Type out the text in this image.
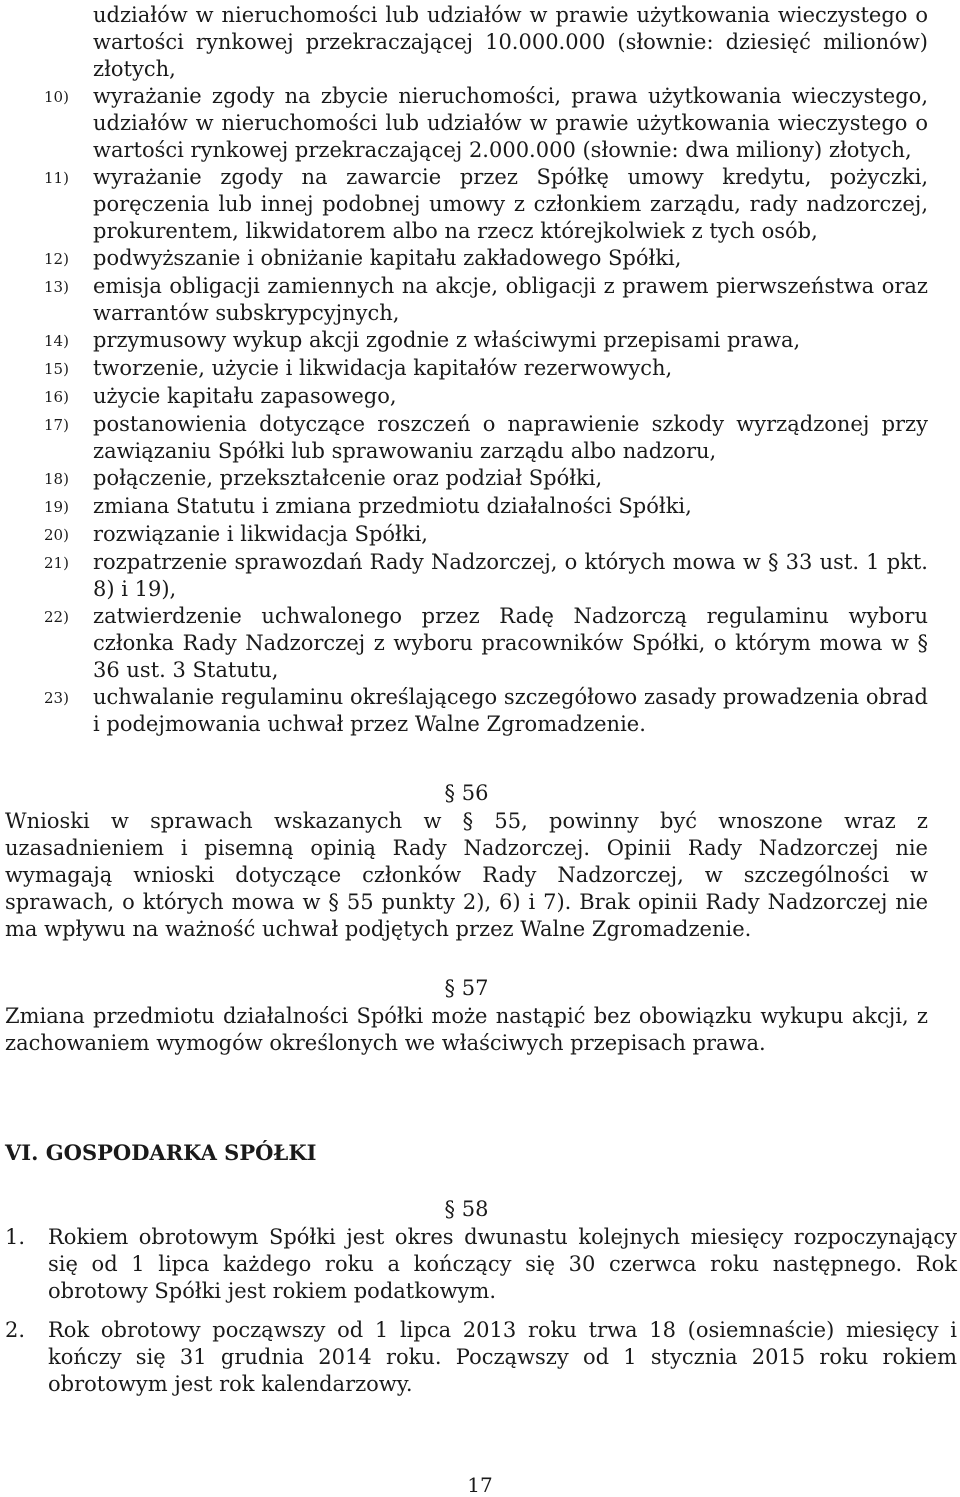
udziałów w nieruchomości lub udziałów w prawie użytkowania wieczystego o wartości rynkowej przekraczającej 10.000.000 (słownie: dziesięć milionów) złotych,
10)	wyrażanie zgody na zbycie nieruchomości, prawa użytkowania wieczystego, udziałów w nieruchomości lub udziałów w prawie użytkowania wieczystego o wartości rynkowej przekraczającej 2.000.000 (słownie: dwa miliony) złotych,
11)	wyrażanie zgody na zawarcie przez Spółkę umowy kredytu, pożyczki, poręczenia lub innej podobnej umowy z członkiem zarządu, rady nadzorczej, prokurentem, likwidatorem albo na rzecz którejkolwiek z tych osób,
12)	podwyższanie i obniżanie kapitału zakładowego Spółki,
13)	emisja obligacji zamiennych na akcje, obligacji z prawem pierwszeństwa oraz warrantów subskrypcyjnych,
14)	przymusowy wykup akcji zgodnie z właściwymi przepisami prawa,
15)	tworzenie, użycie i likwidacja kapitałów rezerwowych,
16)	użycie kapitału zapasowego,
17)	postanowienia dotyczące roszczeń o naprawienie szkody wyrządzonej przy zawiązaniu Spółki lub sprawowaniu zarządu albo nadzoru,
18)	połączenie, przekształcenie oraz podział Spółki,
19)	zmiana Statutu i zmiana przedmiotu działalności Spółki,
20)	rozwiązanie i likwidacja Spółki,
21)	rozpatrzenie sprawozdań Rady Nadzorczej, o których mowa w § 33 ust. 1 pkt. 8) i 19),
22)	zatwierdzenie uchwalonego przez Radę Nadzorczą regulaminu wyboru członka Rady Nadzorczej z wyboru pracowników Spółki, o którym mowa w § 36 ust. 3 Statutu,
23)	uchwalanie regulaminu określającego szczegółowo zasady prowadzenia obrad i podejmowania uchwał przez Walne Zgromadzenie.
§ 56
Wnioski w sprawach wskazanych w § 55, powinny być wnoszone wraz z uzasadnieniem i pisemną opinią Rady Nadzorczej. Opinii Rady Nadzorczej nie wymagają wnioski dotyczące członków Rady Nadzorczej, w szczególności w sprawach, o których mowa w § 55 punkty 2), 6) i 7). Brak opinii Rady Nadzorczej nie ma wpływu na ważność uchwał podjętych przez Walne Zgromadzenie.
§ 57
Zmiana przedmiotu działalności Spółki może nastąpić bez obowiązku wykupu akcji, z zachowaniem wymogów określonych we właściwych przepisach prawa.
VI. GOSPODARKA SPÓŁKI
§ 58
1.	Rokiem obrotowym Spółki jest okres dwunastu kolejnych miesięcy rozpoczynający się od 1 lipca każdego roku a kończący się 30 czerwca roku następnego. Rok obrotowy Spółki jest rokiem podatkowym.
2.	Rok obrotowy począwszy od 1 lipca 2013 roku trwa 18 (osiemnaście) miesięcy i kończy się 31 grudnia 2014 roku. Począwszy od 1 stycznia 2015 roku rokiem obrotowym jest rok kalendarzowy.
17
